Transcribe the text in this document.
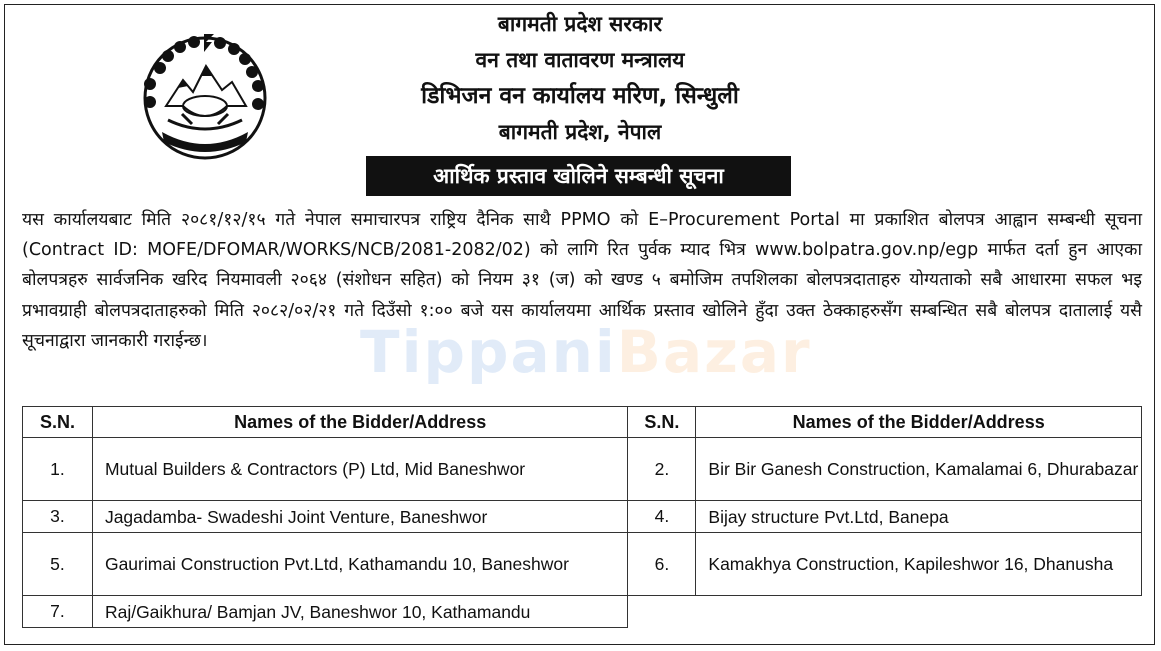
बागमती प्रदेश सरकार
वन तथा वातावरण मन्त्रालय
डिभिजन वन कार्यालय मरिण, सिन्धुली
बागमती प्रदेश, नेपाल
आर्थिक प्रस्ताव खोलिने सम्बन्धी सूचना
यस कार्यालयबाट मिति २०८१/१२/१५ गते नेपाल समाचारपत्र राष्ट्रिय दैनिक साथै PPMO को E–Procurement Portal मा प्रकाशित बोलपत्र आह्वान सम्बन्धी सूचना (Contract ID: MOFE/DFOMAR/WORKS/NCB/2081-2082/02) को लागि रित पुर्वक म्याद भित्र www.bolpatra.gov.np/egp मार्फत दर्ता हुन आएका बोलपत्रहरु सार्वजनिक खरिद नियमावली २०६४ (संशोधन सहित) को नियम ३१ (ज) को खण्ड ५ बमोजिम तपशिलका बोलपत्रदाताहरु योग्यताको सबै आधारमा सफल भइ प्रभावग्राही बोलपत्रदाताहरुको मिति २०८२/०२/२१ गते दिउँसो १:०० बजे यस कार्यालयमा आर्थिक प्रस्ताव खोलिने हुँदा उक्त ठेक्काहरुसँग सम्बन्धित सबै बोलपत्र दातालाई यसै सूचनाद्वारा जानकारी गराईन्छ।	TippaniBazar
S.N.	Names of the Bidder/Address	S.N.	Names of the Bidder/Address
1.	Mutual Builders & Contractors (P) Ltd, Mid Baneshwor	2.	Bir Bir Ganesh Construction, Kamalamai 6, Dhurabazar
3.	Jagadamba- Swadeshi Joint Venture, Baneshwor	4.	Bijay structure Pvt.Ltd, Banepa
5.	Gaurimai Construction Pvt.Ltd, Kathamandu 10, Baneshwor	6.	Kamakhya Construction, Kapileshwor 16, Dhanusha
7.	Raj/Gaikhura/ Bamjan JV, Baneshwor 10, Kathamandu		
